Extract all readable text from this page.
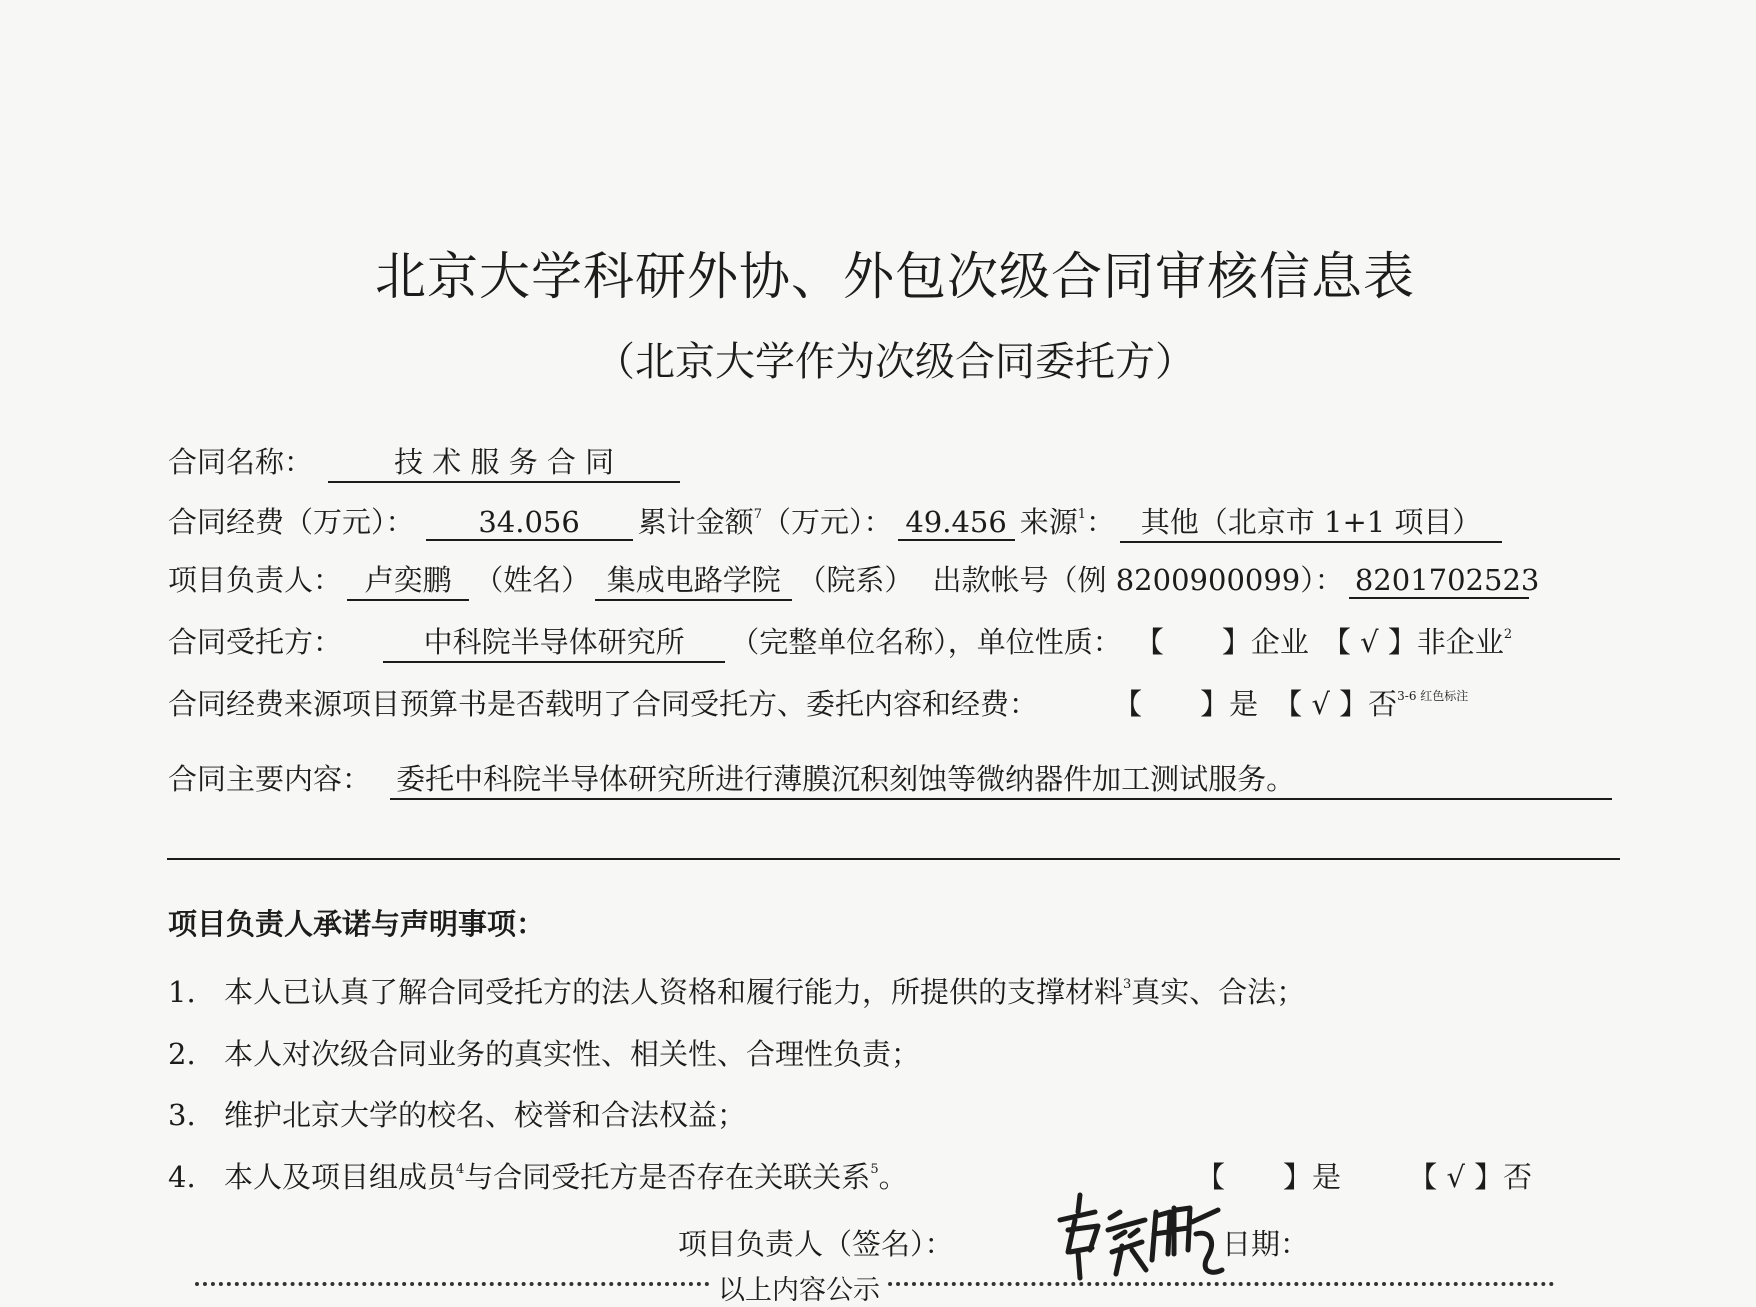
北京大学科研外协、外包次级合同审核信息表
（北京大学作为次级合同委托方）
合同名称：	技 术 服 务 合 同
合同经费（万元）： 34.056 累计金额$^7$（万元）： 49.456 来源$^1$： 其他（北京市 1+1 项目）
项目负责人： 卢奕鹏 （姓名） 集成电路学院 （院系） 出款帐号（例 8200900099）： 8201702523
合同受托方：	中科院半导体研究所 （完整单位名称），单位性质： 【　　】企业 【 √ 】非企业$^2$
合同经费来源项目预算书是否载明了合同受托方、委托内容和经费：	【　　】是 【 √ 】否$^{3-6 红色标注}$
合同主要内容： 委托中科院半导体研究所进行薄膜沉积刻蚀等微纳器件加工测试服务。
项目负责人承诺与声明事项：
1. 本人已认真了解合同受托方的法人资格和履行能力，所提供的支撑材料$^3$真实、合法；
2. 本人对次级合同业务的真实性、相关性、合理性负责；
3. 维护北京大学的校名、校誉和合法权益；
4. 本人及项目组成员$^4$与合同受托方是否存在关联关系$^5$。	【　　】是 【 √ 】否
项目负责人（签名）：	日期：
以上内容公示
